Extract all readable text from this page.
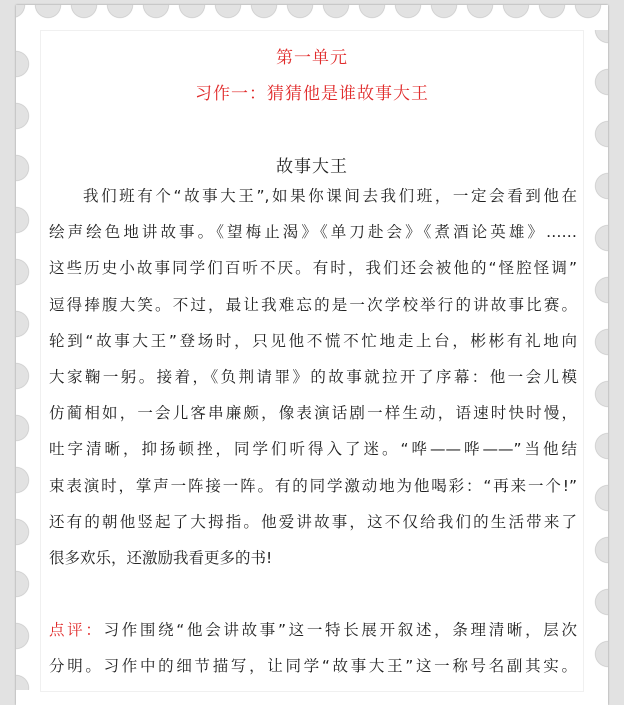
第一单元
习作一：猜猜他是谁故事大王
故事大王
我们班有个“故事大王”,如果你课间去我们班，一定会看到他在
绘声绘色地讲故事。《望梅止渴》《单刀赴会》《煮酒论英雄》……
这些历史小故事同学们百听不厌。有时，我们还会被他的“怪腔怪调”
逗得捧腹大笑。不过，最让我难忘的是一次学校举行的讲故事比赛。
轮到“故事大王”登场时，只见他不慌不忙地走上台，彬彬有礼地向
大家鞠一躬。接着，《负荆请罪》的故事就拉开了序幕：他一会儿模
仿蔺相如，一会儿客串廉颇，像表演话剧一样生动，语速时快时慢，
吐字清晰，抑扬顿挫，同学们听得入了迷。“哗——哗——”当他结
束表演时，掌声一阵接一阵。有的同学激动地为他喝彩：“再来一个!”
还有的朝他竖起了大拇指。他爱讲故事，这不仅给我们的生活带来了
很多欢乐，还激励我看更多的书!
点评：习作围绕“他会讲故事”这一特长展开叙述，条理清晰，层次
分明。习作中的细节描写，让同学“故事大王”这一称号名副其实。
